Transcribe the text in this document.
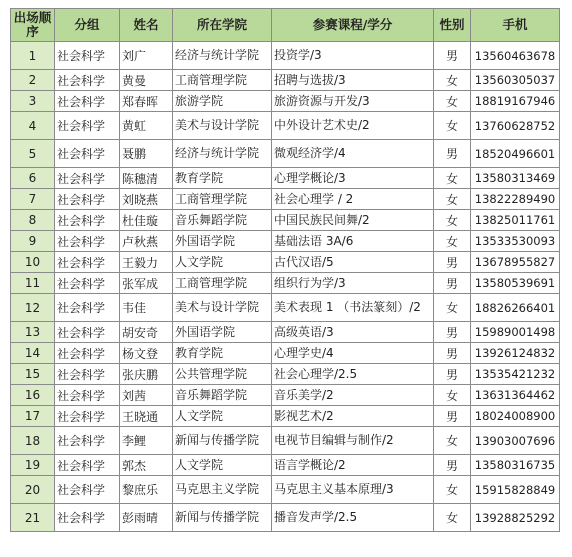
出场顺序	分组	姓名	所在学院	参赛课程/学分	性别	手机
1	社会科学	刘广	经济与统计学院	投资学/3	男	13560463678
2	社会科学	黄曼	工商管理学院	招聘与选拔/3	女	13560305037
3	社会科学	郑春晖	旅游学院	旅游资源与开发/3	女	18819167946
4	社会科学	黄虹	美术与设计学院	中外设计艺术史/2	女	13760628752
5	社会科学	聂鹏	经济与统计学院	微观经济学/4	男	18520496601
6	社会科学	陈穗清	教育学院	心理学概论/3	女	13580313469
7	社会科学	刘晓燕	工商管理学院	社会心理学 / 2	女	13822289490
8	社会科学	杜佳璇	音乐舞蹈学院	中国民族民间舞/2	女	13825011761
9	社会科学	卢秋燕	外国语学院	基础法语 3A/6	女	13533530093
10	社会科学	王毅力	人文学院	古代汉语/5	男	13678955827
11	社会科学	张军成	工商管理学院	组织行为学/3	男	13580539691
12	社会科学	韦佳	美术与设计学院	美术表现 1 （书法篆刻）/2	女	18826266401
13	社会科学	胡安奇	外国语学院	高级英语/3	男	15989001498
14	社会科学	杨文登	教育学院	心理学史/4	男	13926124832
15	社会科学	张庆鹏	公共管理学院	社会心理学/2.5	男	13535421232
16	社会科学	刘茜	音乐舞蹈学院	音乐美学/2	女	13631364462
17	社会科学	王晓通	人文学院	影视艺术/2	男	18024008900
18	社会科学	李鲤	新闻与传播学院	电视节目编辑与制作/2	女	13903007696
19	社会科学	郭杰	人文学院	语言学概论/2	男	13580316735
20	社会科学	黎庶乐	马克思主义学院	马克思主义基本原理/3	女	15915828849
21	社会科学	彭雨晴	新闻与传播学院	播音发声学/2.5	女	13928825292
